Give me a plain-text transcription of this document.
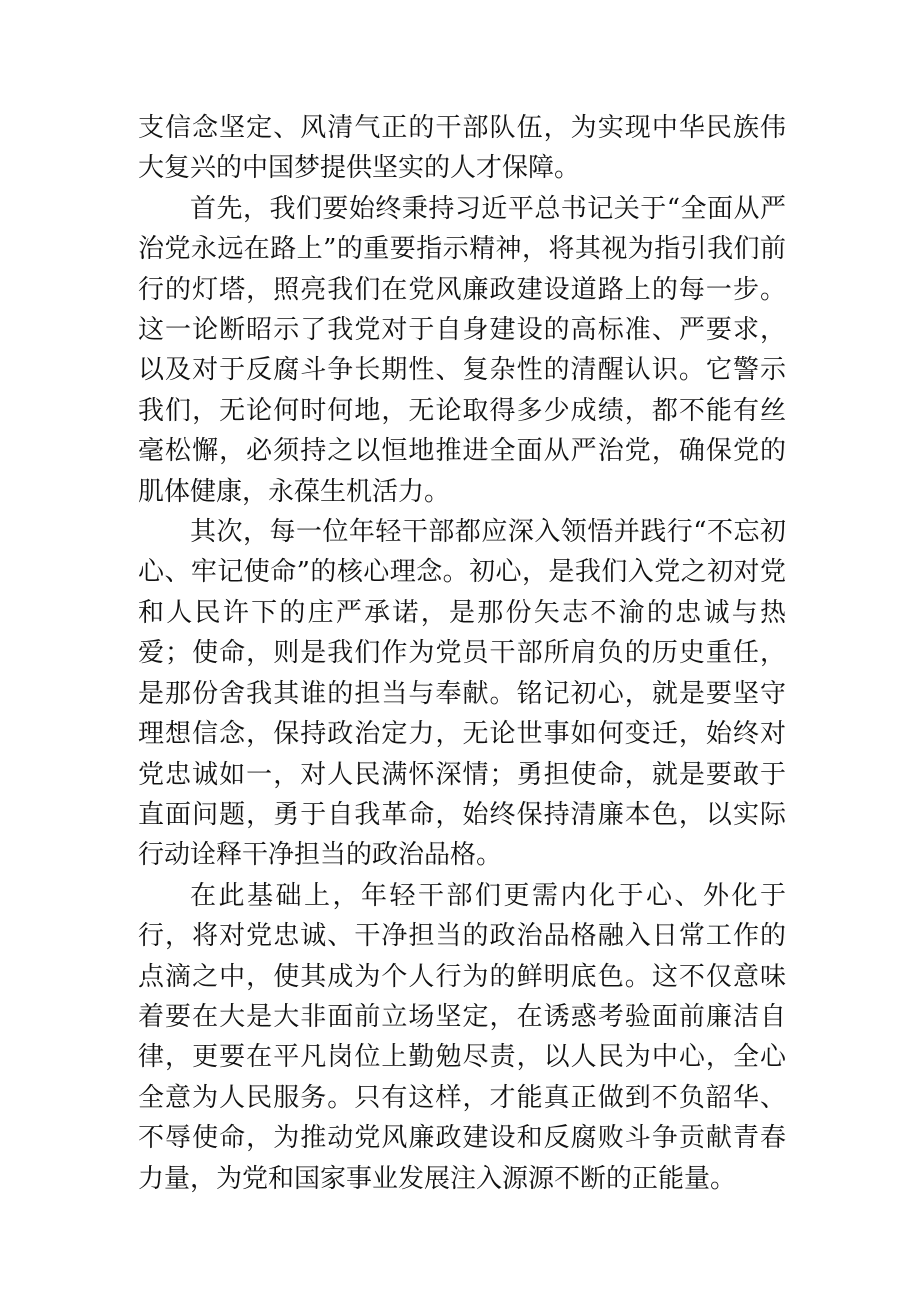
支信念坚定、风清气正的干部队伍，为实现中华民族伟大复兴的中国梦提供坚实的人才保障。

首先，我们要始终秉持习近平总书记关于“全面从严治党永远在路上”的重要指示精神，将其视为指引我们前行的灯塔，照亮我们在党风廉政建设道路上的每一步。这一论断昭示了我党对于自身建设的高标准、严要求，以及对于反腐斗争长期性、复杂性的清醒认识。它警示我们，无论何时何地，无论取得多少成绩，都不能有丝毫松懈，必须持之以恒地推进全面从严治党，确保党的肌体健康，永葆生机活力。

其次，每一位年轻干部都应深入领悟并践行“不忘初心、牢记使命”的核心理念。初心，是我们入党之初对党和人民许下的庄严承诺，是那份矢志不渝的忠诚与热爱；使命，则是我们作为党员干部所肩负的历史重任，是那份舍我其谁的担当与奉献。铭记初心，就是要坚守理想信念，保持政治定力，无论世事如何变迁，始终对党忠诚如一，对人民满怀深情；勇担使命，就是要敢于直面问题，勇于自我革命，始终保持清廉本色，以实际行动诠释干净担当的政治品格。

在此基础上，年轻干部们更需内化于心、外化于行，将对党忠诚、干净担当的政治品格融入日常工作的点滴之中，使其成为个人行为的鲜明底色。这不仅意味着要在大是大非面前立场坚定，在诱惑考验面前廉洁自律，更要在平凡岗位上勤勉尽责，以人民为中心，全心全意为人民服务。只有这样，才能真正做到不负韶华、不辱使命，为推动党风廉政建设和反腐败斗争贡献青春力量，为党和国家事业发展注入源源不断的正能量。
